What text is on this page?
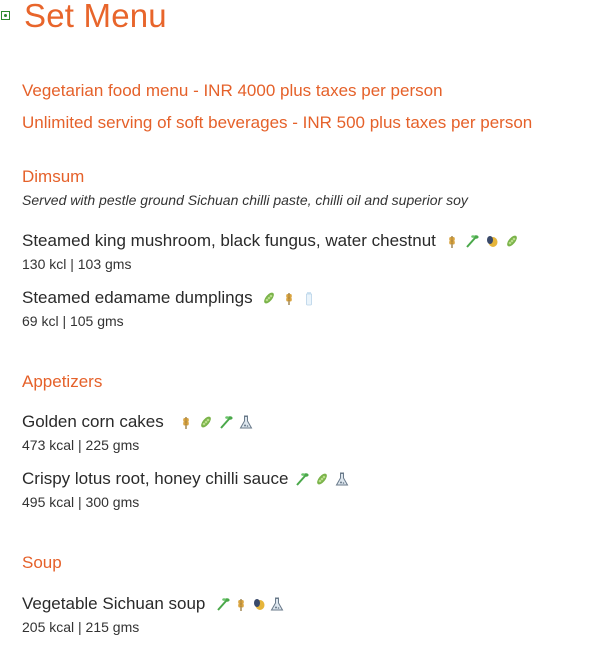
Set Menu
Vegetarian food menu - INR 4000 plus taxes per person
Unlimited serving of soft beverages - INR 500 plus taxes per person
Dimsum
Served with pestle ground Sichuan chilli paste, chilli oil and superior soy
Steamed king mushroom, black fungus, water chestnut
130 kcl | 103 gms
Steamed edamame dumplings
69 kcl | 105 gms
Appetizers
Golden corn cakes
473 kcal | 225 gms
Crispy lotus root, honey chilli sauce
495 kcal | 300 gms
Soup
Vegetable Sichuan soup
205 kcal | 215 gms
